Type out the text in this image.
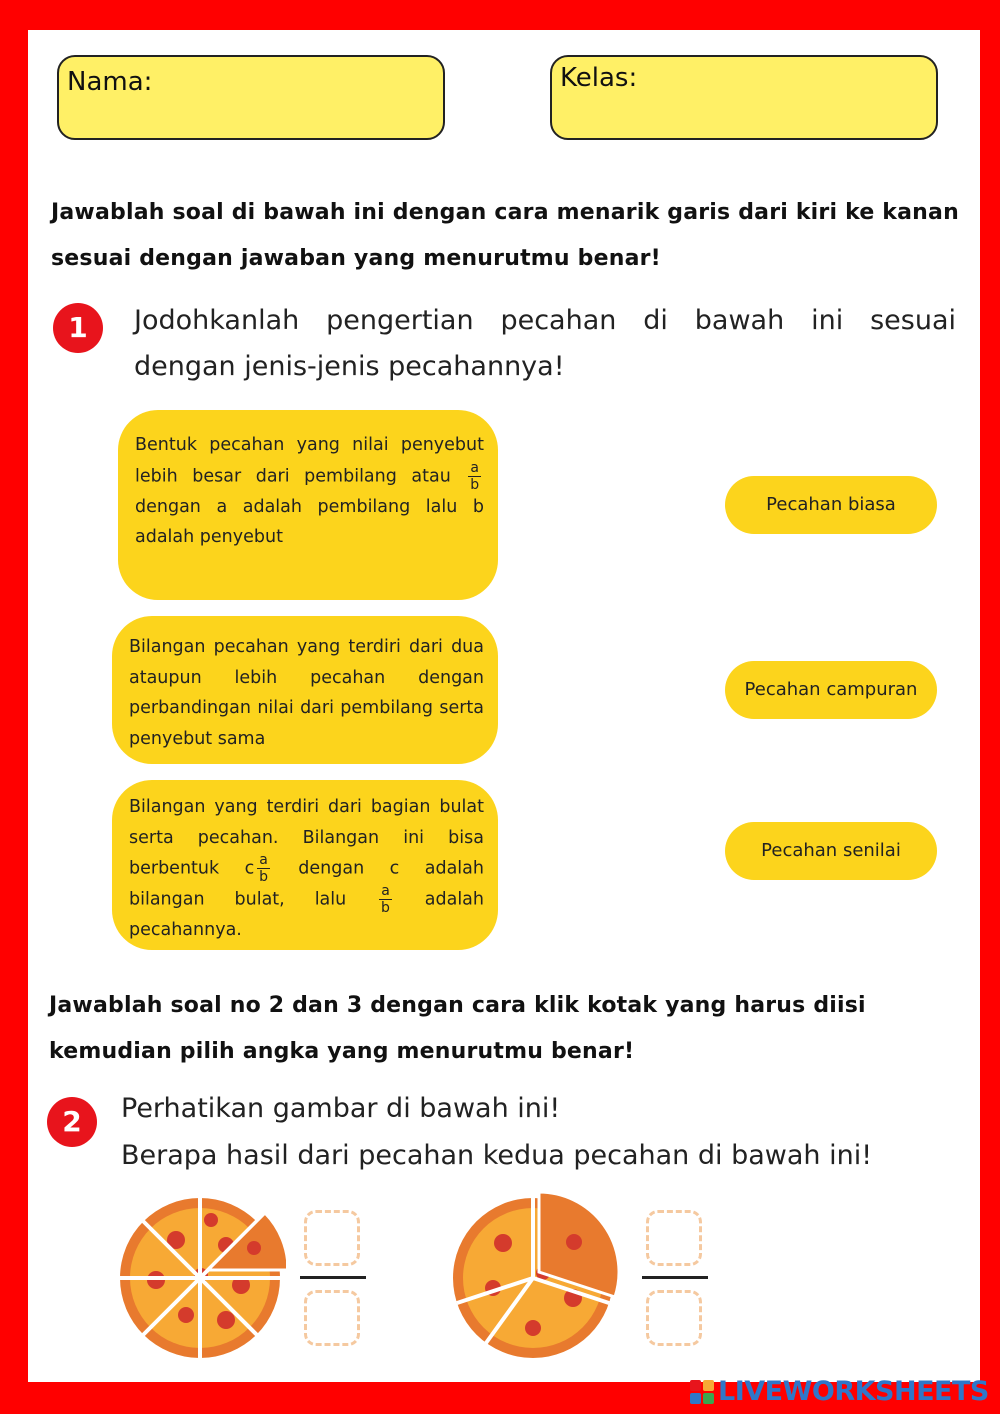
Nama:	Kelas:
Jawablah soal di bawah ini dengan cara menarik garis dari kiri ke kanan sesuai dengan jawaban yang menurutmu benar!
1	Jodohkanlah pengertian pecahan di bawah ini sesuai dengan jenis-jenis pecahannya!

Bentuk pecahan yang nilai penyebut lebih besar dari pembilang atau $\frac{a}{b}$
dengan a adalah pembilang lalu b adalah penyebut

Bilangan pecahan yang terdiri dari dua ataupun lebih pecahan dengan perbandingan nilai dari pembilang serta penyebut sama

Bilangan yang terdiri dari bagian bulat serta pecahan. Bilangan ini bisa berbentuk c $\frac{a}{b}$ dengan c adalah bilangan bulat, lalu $\frac{a}{b}$ adalah pecahannya.

Pecahan biasa
Pecahan campuran
Pecahan senilai
Jawablah soal no 2 dan 3 dengan cara klik kotak yang harus diisi kemudian pilih angka yang menurutmu benar!
2	Perhatikan gambar di bawah ini!
Berapa hasil dari pecahan kedua pecahan di bawah ini!
LIVEWORKSHEETS
